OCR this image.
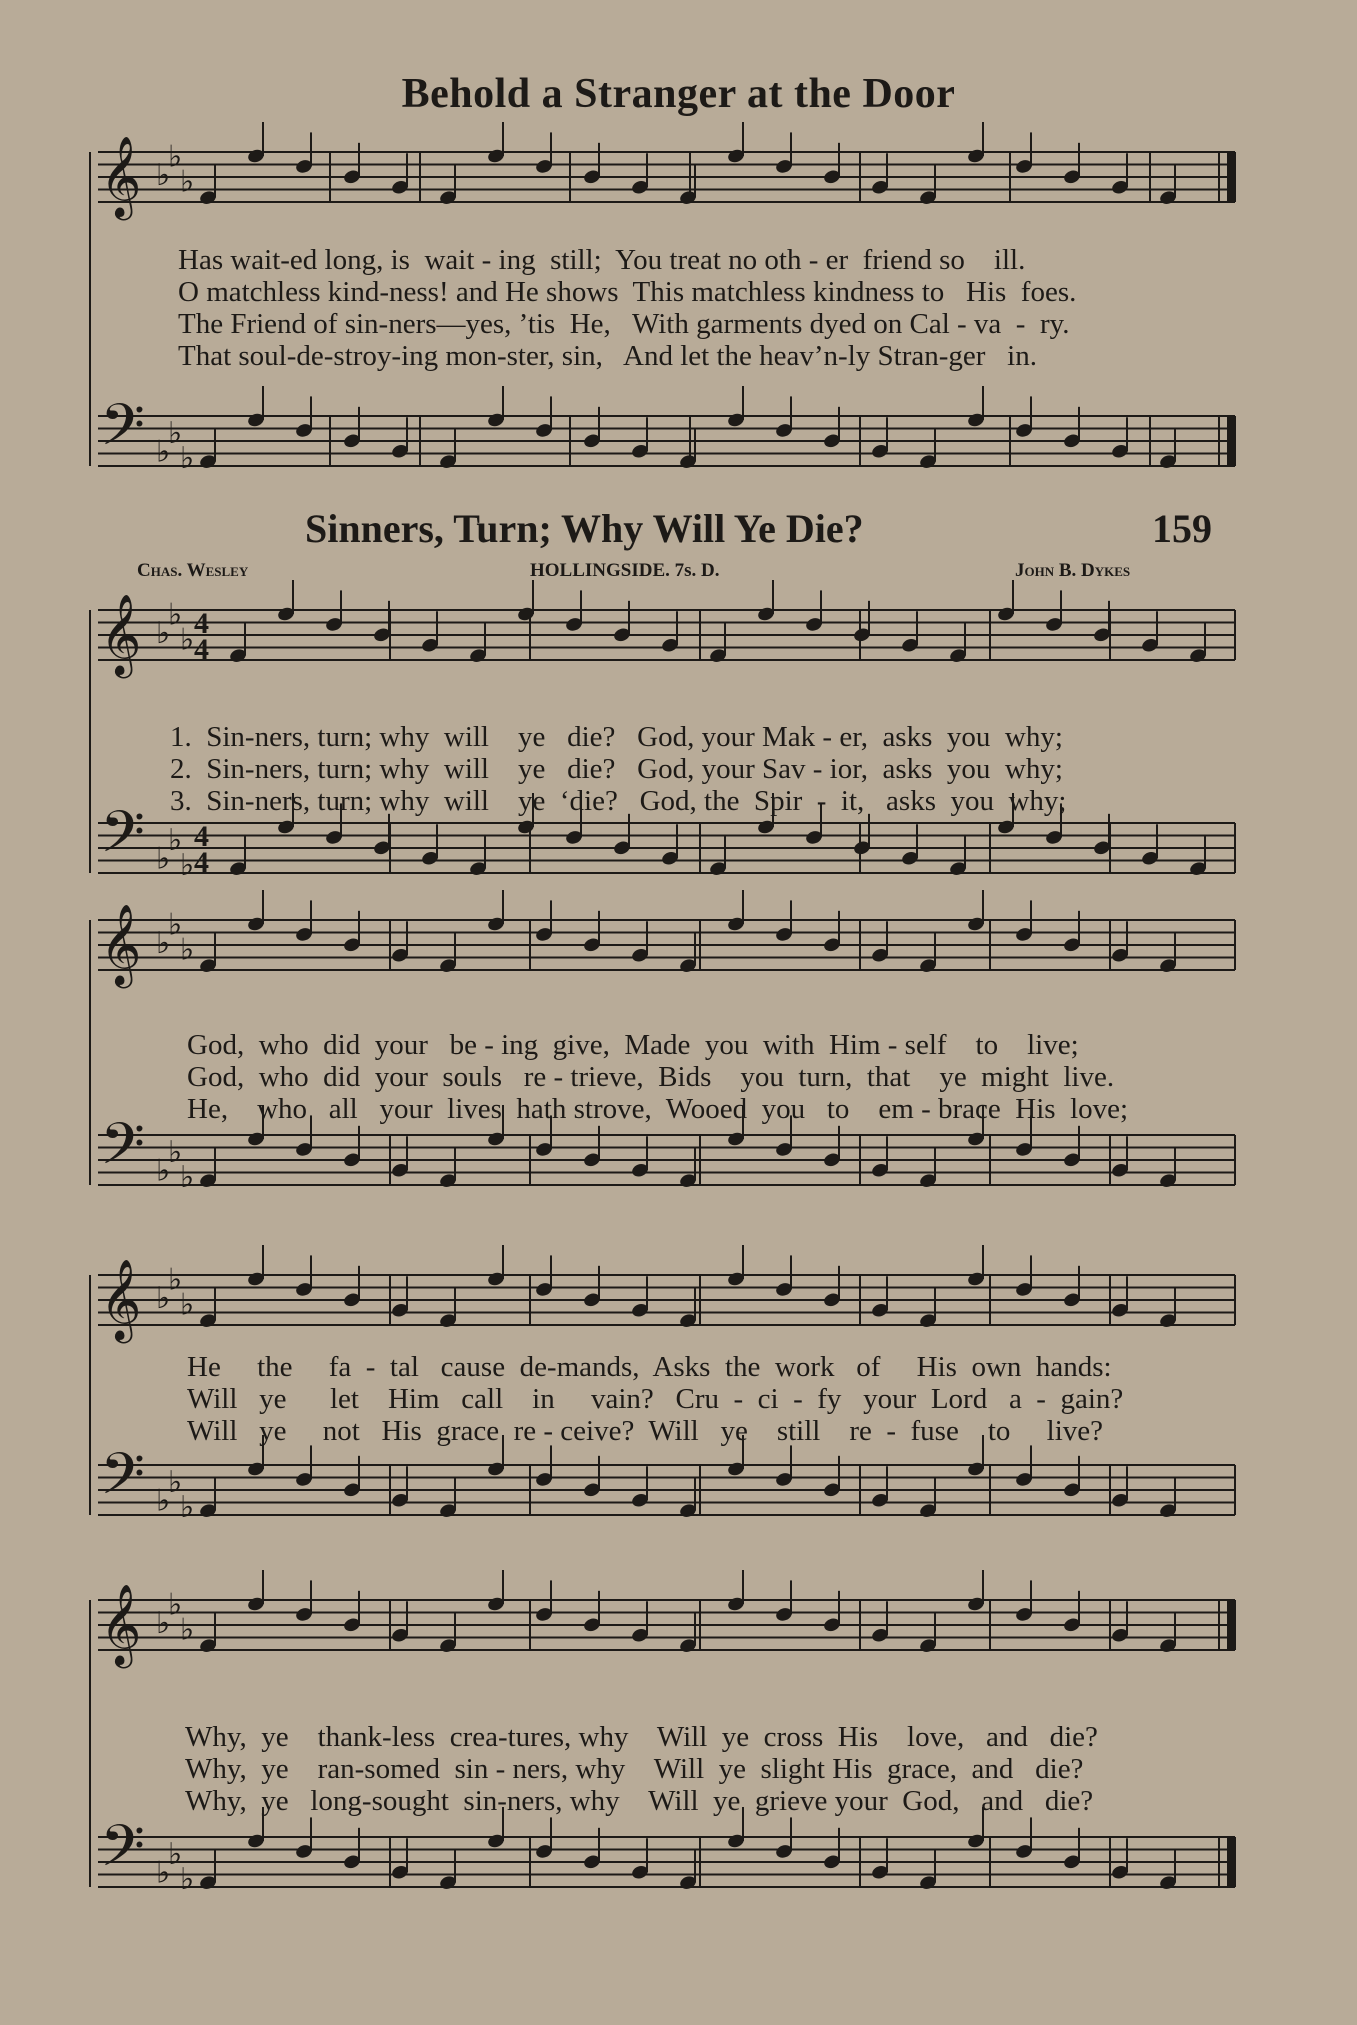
𝄞 ♭
♭
♭
𝄢 ♭
♭
♭
𝄞 ♭
♭
♭ 4
4
𝄢 ♭
♭
♭
4
4
𝄞 ♭
♭
♭
𝄢 ♭
♭
♭
𝄞 ♭
♭
♭
𝄢 ♭
♭
♭
𝄞 ♭
♭
♭
𝄢 ♭
♭
♭
Behold a Stranger at the Door
Has wait-ed long, is  wait - ing  still;  You treat no oth - er  friend so    ill.
O matchless kind-ness! and He shows  This matchless kindness to   His  foes.
The Friend of sin-ners—yes, ’tis  He,   With garments dyed on Cal - va  -  ry.
That soul-de-stroy-ing mon-ster, sin,   And let the heav’n-ly Stran-ger   in.
Sinners, Turn; Why Will Ye Die?	159
Chas. Wesley	HOLLINGSIDE. 7s. D.	John B. Dykes
1.  Sin-ners, turn; why  will    ye   die?   God, your Mak - er,  asks  you  why;
2.  Sin-ners, turn; why  will    ye   die?   God, your Sav - ior,  asks  you  why;
3.  Sin-ners, turn; why  will    ye  ‘die?   God, the  Spir  -  it,   asks  you  why;
God,  who  did  your   be - ing  give,  Made  you  with  Him - self    to    live;
God,  who  did  your  souls   re - trieve,  Bids    you  turn,  that    ye  might  live.
He,    who   all   your  lives  hath strove,  Wooed  you   to    em - brace  His  love;
He     the     fa  -  tal   cause  de-mands,  Asks  the  work   of     His  own  hands:
Will   ye      let    Him   call    in     vain?   Cru  -  ci  -  fy   your  Lord   a  -  gain?
Will   ye     not   His  grace  re - ceive?  Will   ye    still    re  -  fuse    to     live?
Why,  ye    thank-less  crea-tures, why    Will  ye  cross  His    love,   and   die?
Why,  ye    ran-somed  sin - ners, why    Will  ye  slight His  grace,  and   die?
Why,  ye   long-sought  sin-ners, why    Will  ye  grieve your  God,   and   die?
